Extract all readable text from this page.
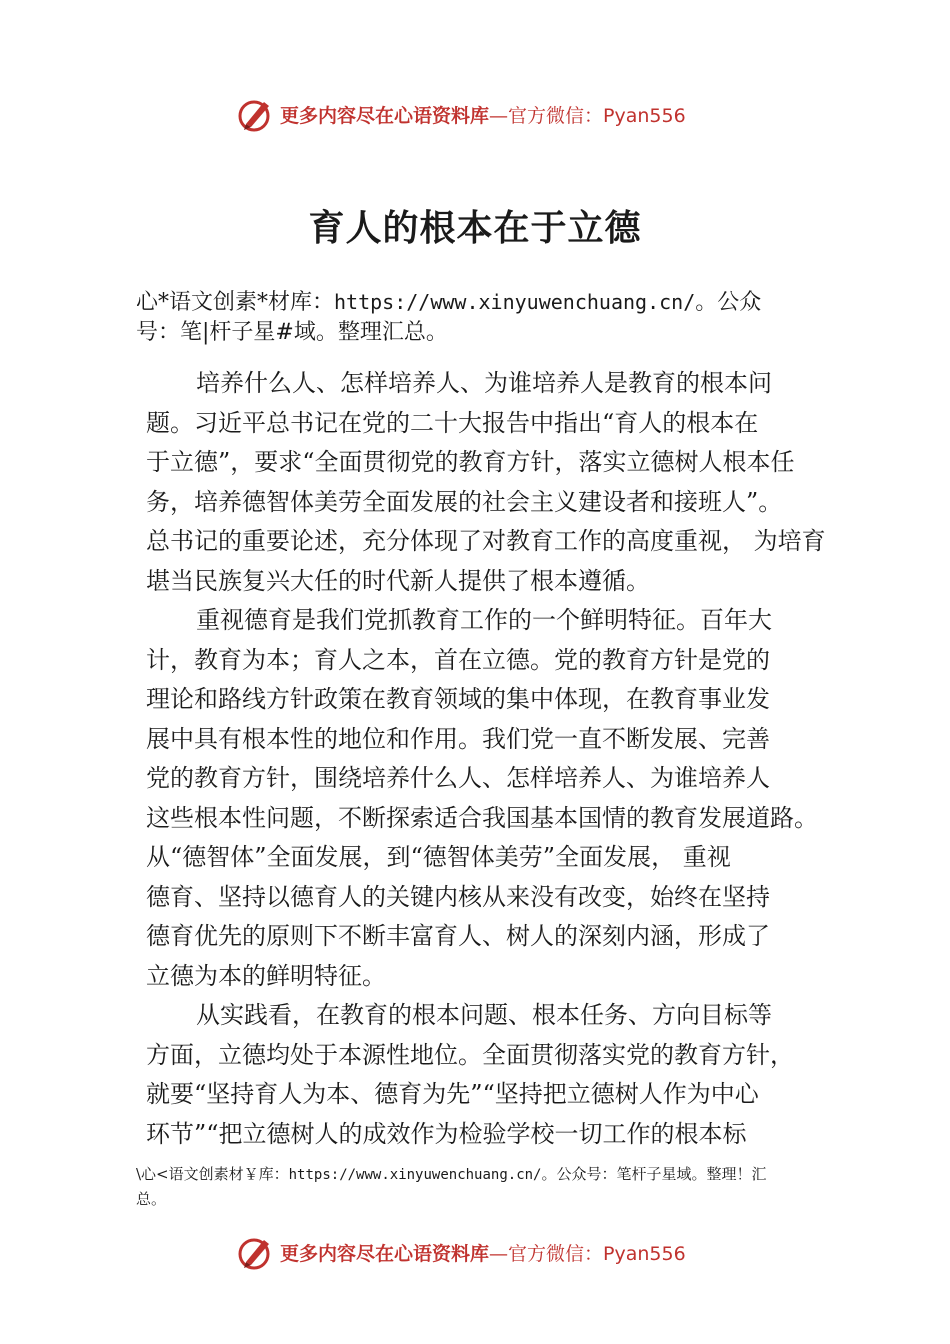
更多内容尽在心语资料库—官方微信：Pyan556
育人的根本在于立德
心*语文创素*材库：https://www.xinyuwenchuang.cn/。公众
号：笔|杆子星#域。整理汇总。
培养什么人、怎样培养人、为谁培养人是教育的根本问
题。习近平总书记在党的二十大报告中指出“育人的根本在
于立德”，要求“全面贯彻党的教育方针，落实立德树人根本任
务，培养德智体美劳全面发展的社会主义建设者和接班人”。
总书记的重要论述，充分体现了对教育工作的高度重视， 为培育
堪当民族复兴大任的时代新人提供了根本遵循。
重视德育是我们党抓教育工作的一个鲜明特征。百年大
计，教育为本；育人之本，首在立德。党的教育方针是党的
理论和路线方针政策在教育领域的集中体现，在教育事业发
展中具有根本性的地位和作用。我们党一直不断发展、完善
党的教育方针，围绕培养什么人、怎样培养人、为谁培养人
这些根本性问题，不断探索适合我国基本国情的教育发展道路。
从“德智体”全面发展，到“德智体美劳”全面发展， 重视
德育、坚持以德育人的关键内核从来没有改变，始终在坚持
德育优先的原则下不断丰富育人、树人的深刻内涵，形成了
立德为本的鲜明特征。
从实践看，在教育的根本问题、根本任务、方向目标等
方面，立德均处于本源性地位。全面贯彻落实党的教育方针，
就要“坚持育人为本、德育为先”“坚持把立德树人作为中心
环节”“把立德树人的成效作为检验学校一切工作的根本标
\心<语文创素材￥库：https://www.xinyuwenchuang.cn/。公众号：笔杆子星域。整理！汇
总。
更多内容尽在心语资料库—官方微信：Pyan556
